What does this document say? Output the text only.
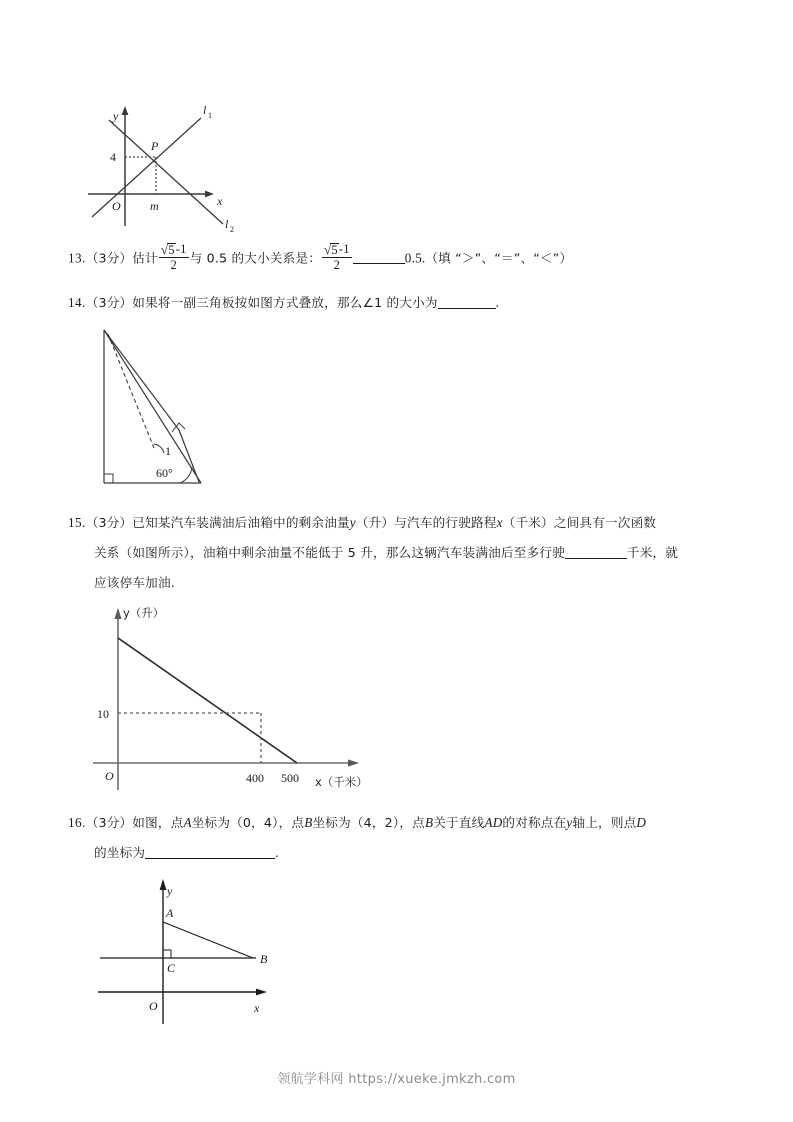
y
x
O
P
4
m
l 1
l 2
13.（3分）估计 $\frac{√5-1}{2}$ 与 0.5 的大小关系是： $\frac{√5-1}{2}$	0.5.（填 “＞”、“＝”、“＜”）
14.（3分）如果将一副三角板按如图方式叠放，那么∠1 的大小为	.
1
60°
15.（3分）已知某汽车装满油后油箱中的剩余油量y（升）与汽车的行驶路程x（千米）之间具有一次函数
关系（如图所示），油箱中剩余油量不能低于 5 升，那么这辆汽车装满油后至多行驶	千米，就
应该停车加油.
y（升）
x（千米）
O
10
400 500
16.（3分）如图，点A坐标为（0，4），点B坐标为（4，2），点B关于直线AD的对称点在y轴上，则点D
的坐标为	.
y
x
O
A
B
C
领航学科网 https://xueke.jmkzh.com
